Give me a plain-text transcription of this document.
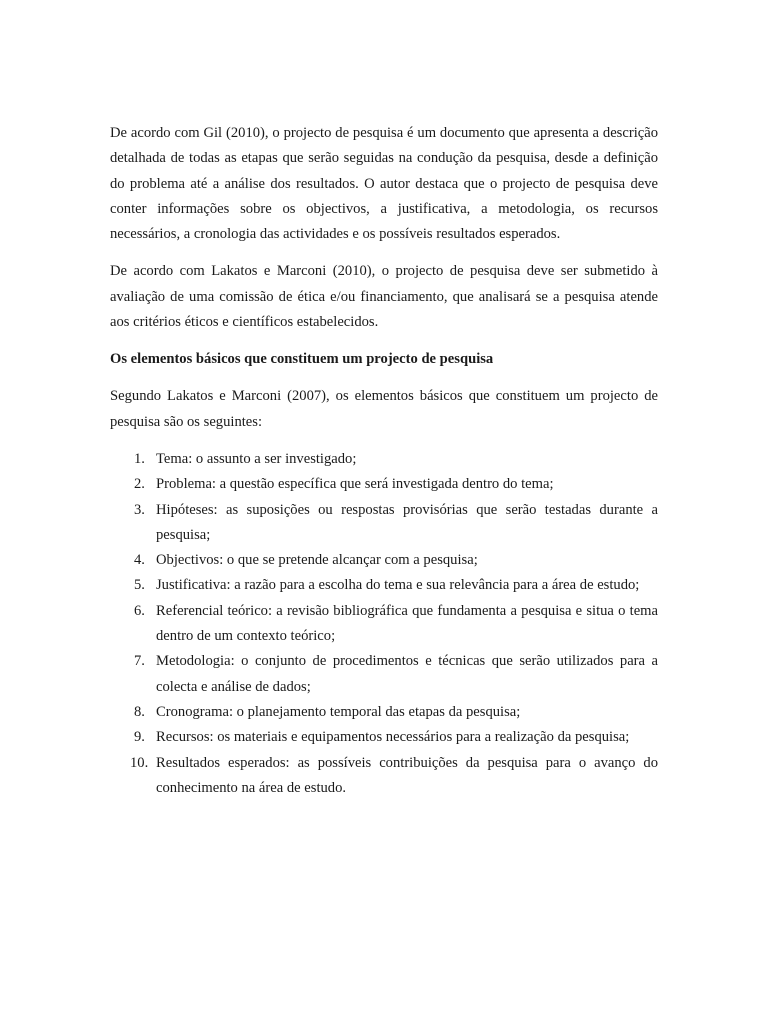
De acordo com Gil (2010), o projecto de pesquisa é um documento que apresenta a descrição detalhada de todas as etapas que serão seguidas na condução da pesquisa, desde a definição do problema até a análise dos resultados. O autor destaca que o projecto de pesquisa deve conter informações sobre os objectivos, a justificativa, a metodologia, os recursos necessários, a cronologia das actividades e os possíveis resultados esperados.

De acordo com Lakatos e Marconi (2010), o projecto de pesquisa deve ser submetido à avaliação de uma comissão de ética e/ou financiamento, que analisará se a pesquisa atende aos critérios éticos e científicos estabelecidos.

Os elementos básicos que constituem um projecto de pesquisa

Segundo Lakatos e Marconi (2007), os elementos básicos que constituem um projecto de pesquisa são os seguintes:

1. Tema: o assunto a ser investigado;
2. Problema: a questão específica que será investigada dentro do tema;
3. Hipóteses: as suposições ou respostas provisórias que serão testadas durante a pesquisa;
4. Objectivos: o que se pretende alcançar com a pesquisa;
5. Justificativa: a razão para a escolha do tema e sua relevância para a área de estudo;
6. Referencial teórico: a revisão bibliográfica que fundamenta a pesquisa e situa o tema dentro de um contexto teórico;
7. Metodologia: o conjunto de procedimentos e técnicas que serão utilizados para a colecta e análise de dados;
8. Cronograma: o planejamento temporal das etapas da pesquisa;
9. Recursos: os materiais e equipamentos necessários para a realização da pesquisa;
10. Resultados esperados: as possíveis contribuições da pesquisa para o avanço do conhecimento na área de estudo.
